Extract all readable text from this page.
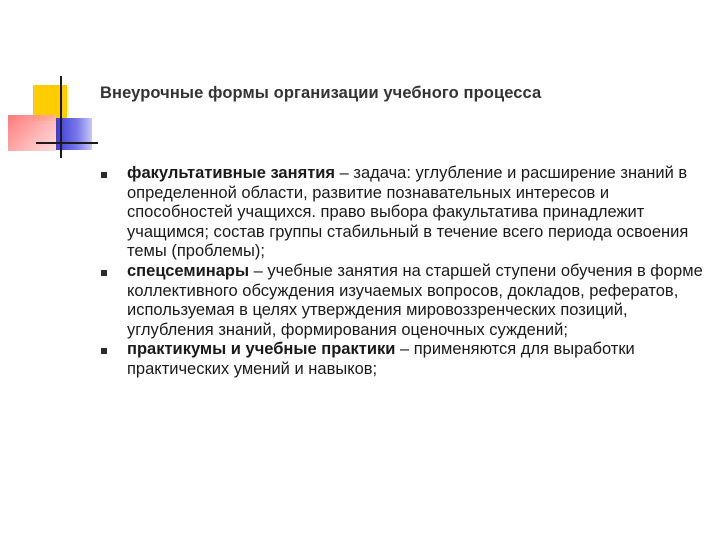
Внеурочные формы организации учебного процесса
факультативные занятия – задача: углубление и расширение знаний в определенной области, развитие познавательных интересов и способностей учащихся. право выбора факультатива принадлежит учащимся; состав группы стабильный в течение всего периода освоения темы (проблемы);
спецсеминары – учебные занятия на старшей ступени обучения в форме коллективного обсуждения изучаемых вопросов, докладов, рефератов, используемая в целях утверждения мировоззренческих позиций, углубления знаний, формирования оценочных суждений;
практикумы и учебные практики – применяются для выработки практических умений и навыков;
